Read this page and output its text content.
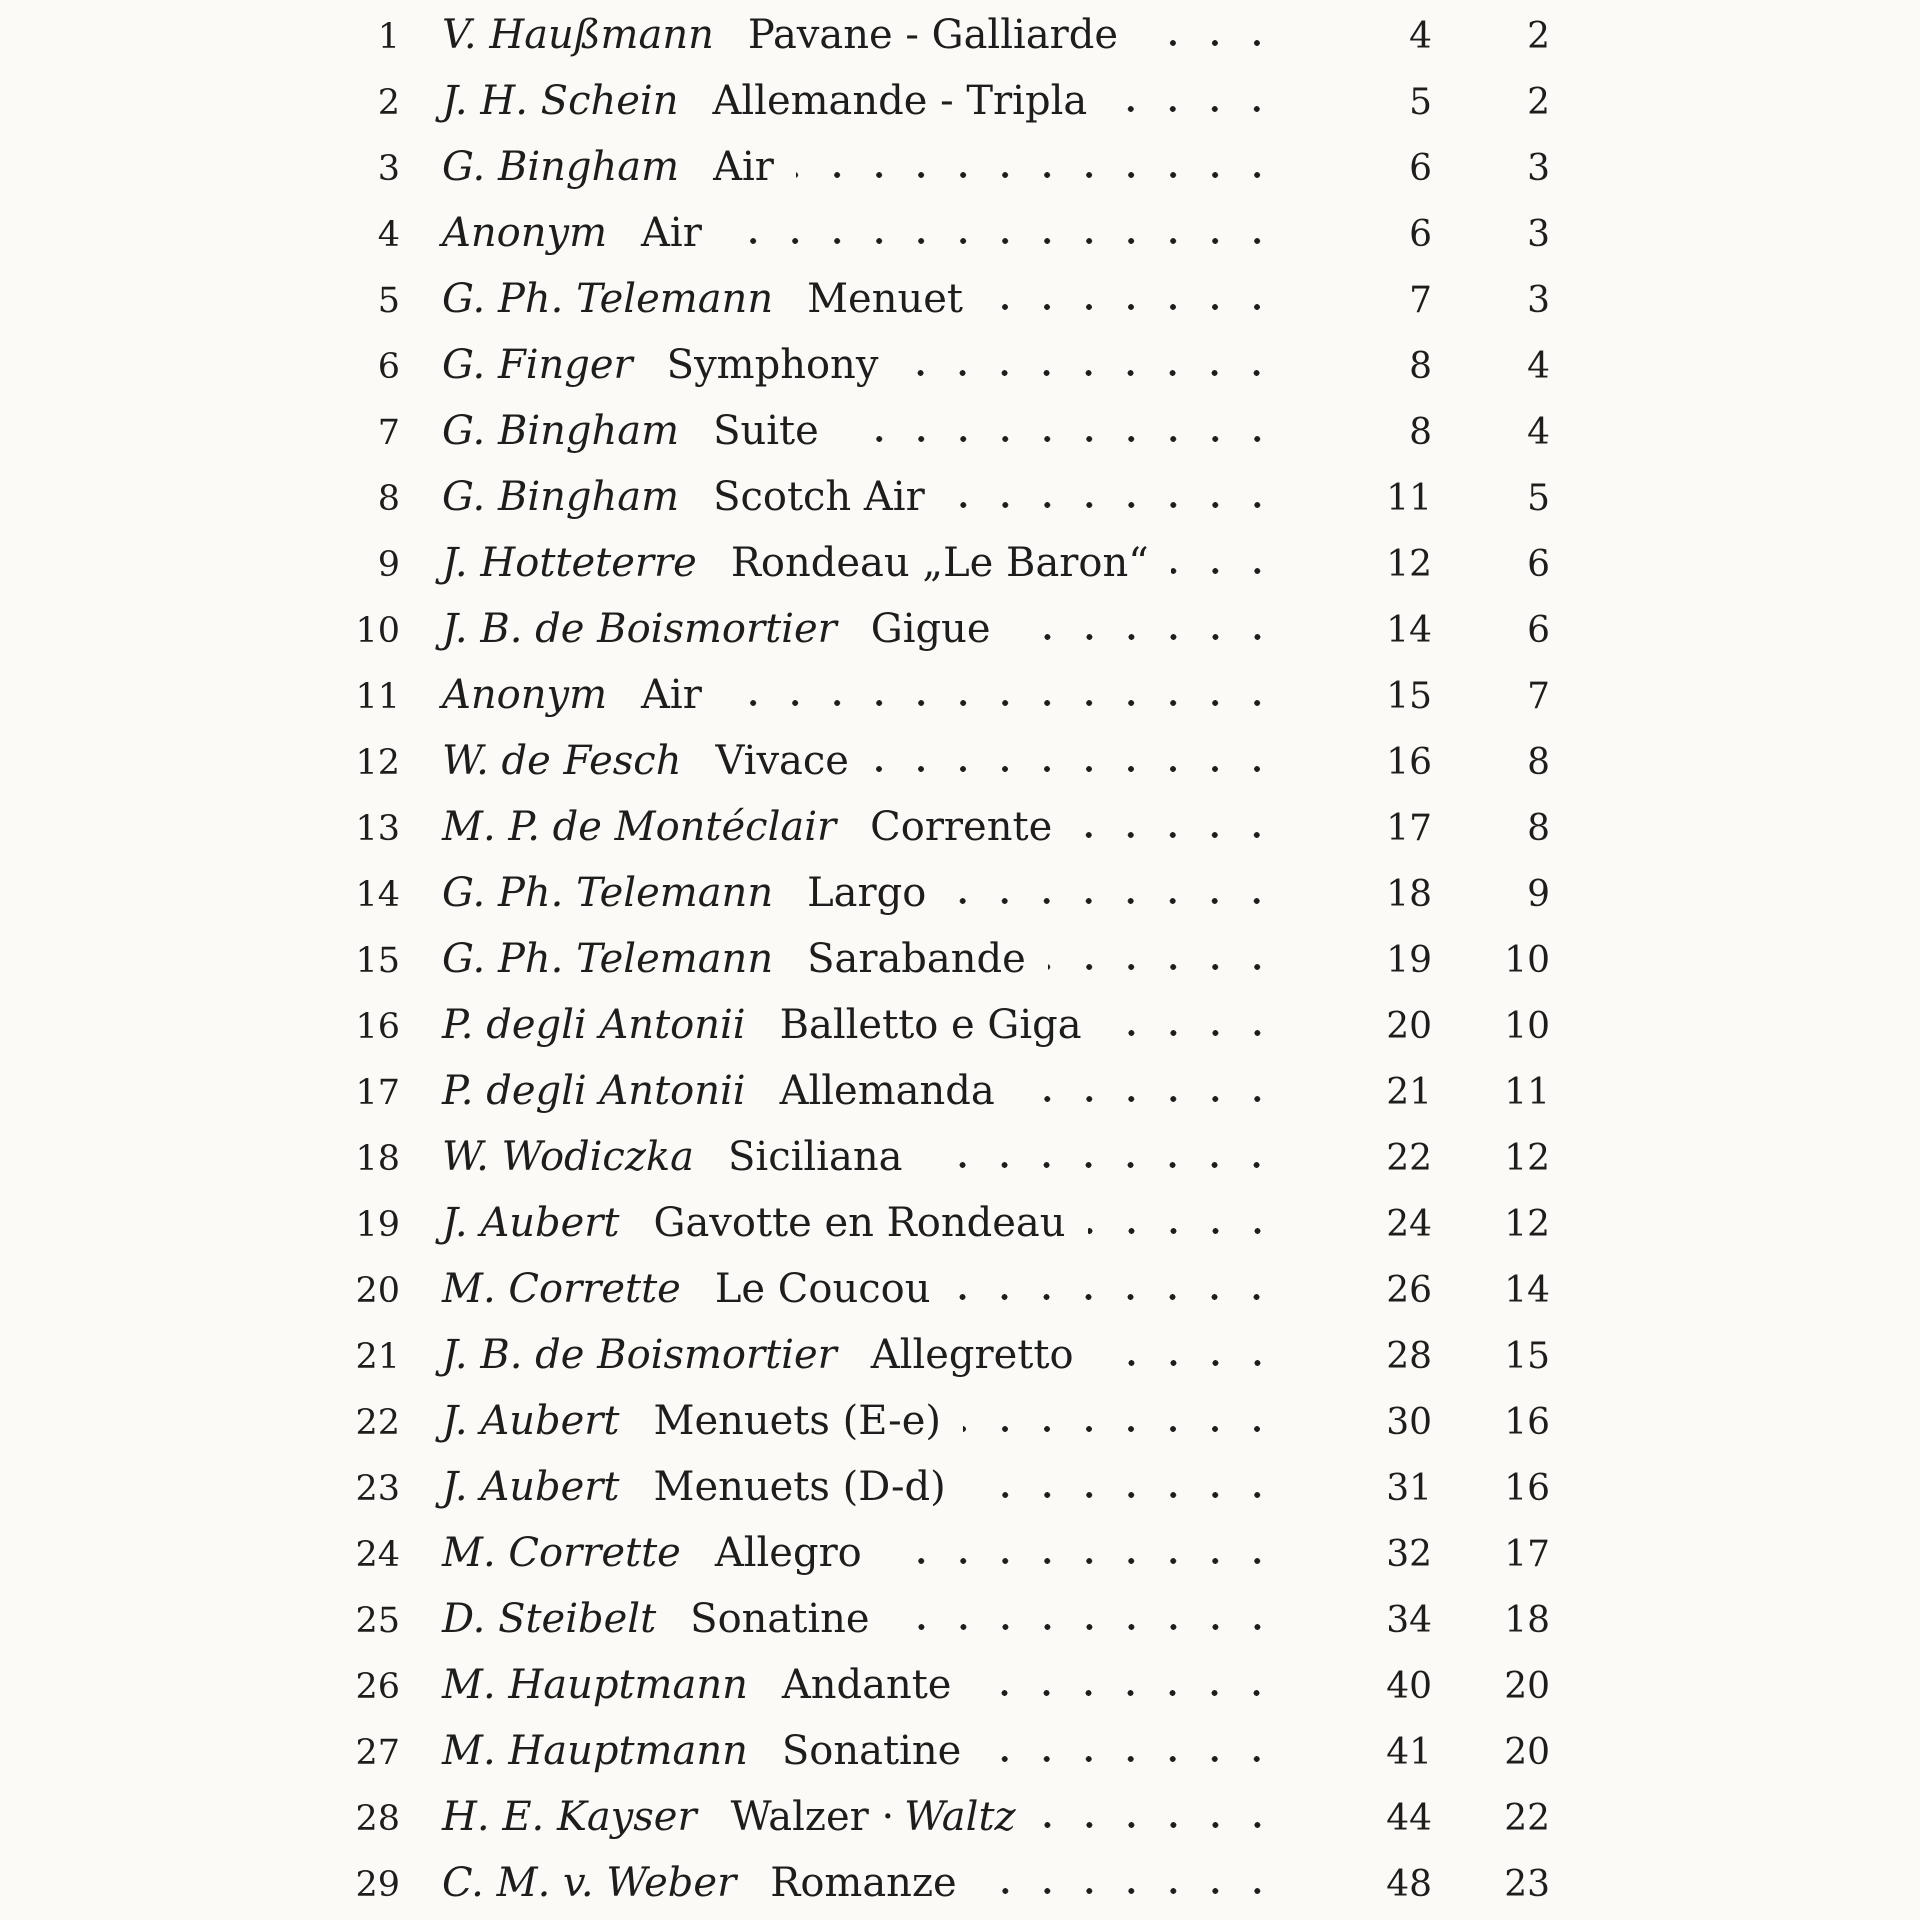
1 V. Haußmann Pavane - Galliarde	4	2
2 J. H. Schein Allemande - Tripla	5	2
3 G. Bingham Air	6	3
4 Anonym Air	6	3
5 G. Ph. Telemann Menuet	7	3
6 G. Finger Symphony	8	4
7 G. Bingham Suite	8	4
8 G. Bingham Scotch Air	11	5
9 J. Hotteterre Rondeau „Le Baron“	12	6
10 J. B. de Boismortier Gigue	14	6
11 Anonym Air	15	7
12 W. de Fesch Vivace	16	8
13 M. P. de Montéclair Corrente	17	8
14 G. Ph. Telemann Largo	18	9
15 G. Ph. Telemann Sarabande	19	10
16 P. degli Antonii Balletto e Giga	20	10
17 P. degli Antonii Allemanda	21	11
18 W. Wodiczka Siciliana	22	12
19 J. Aubert Gavotte en Rondeau	24	12
20 M. Corrette Le Coucou	26	14
21 J. B. de Boismortier Allegretto	28	15
22 J. Aubert Menuets (E-e)	30	16
23 J. Aubert Menuets (D-d)	31	16
24 M. Corrette Allegro	32	17
25 D. Steibelt Sonatine	34	18
26 M. Hauptmann Andante	40	20
27 M. Hauptmann Sonatine	41	20
28 H. E. Kayser Walzer · Waltz	44	22
29 C. M. v. Weber Romanze	48	23
